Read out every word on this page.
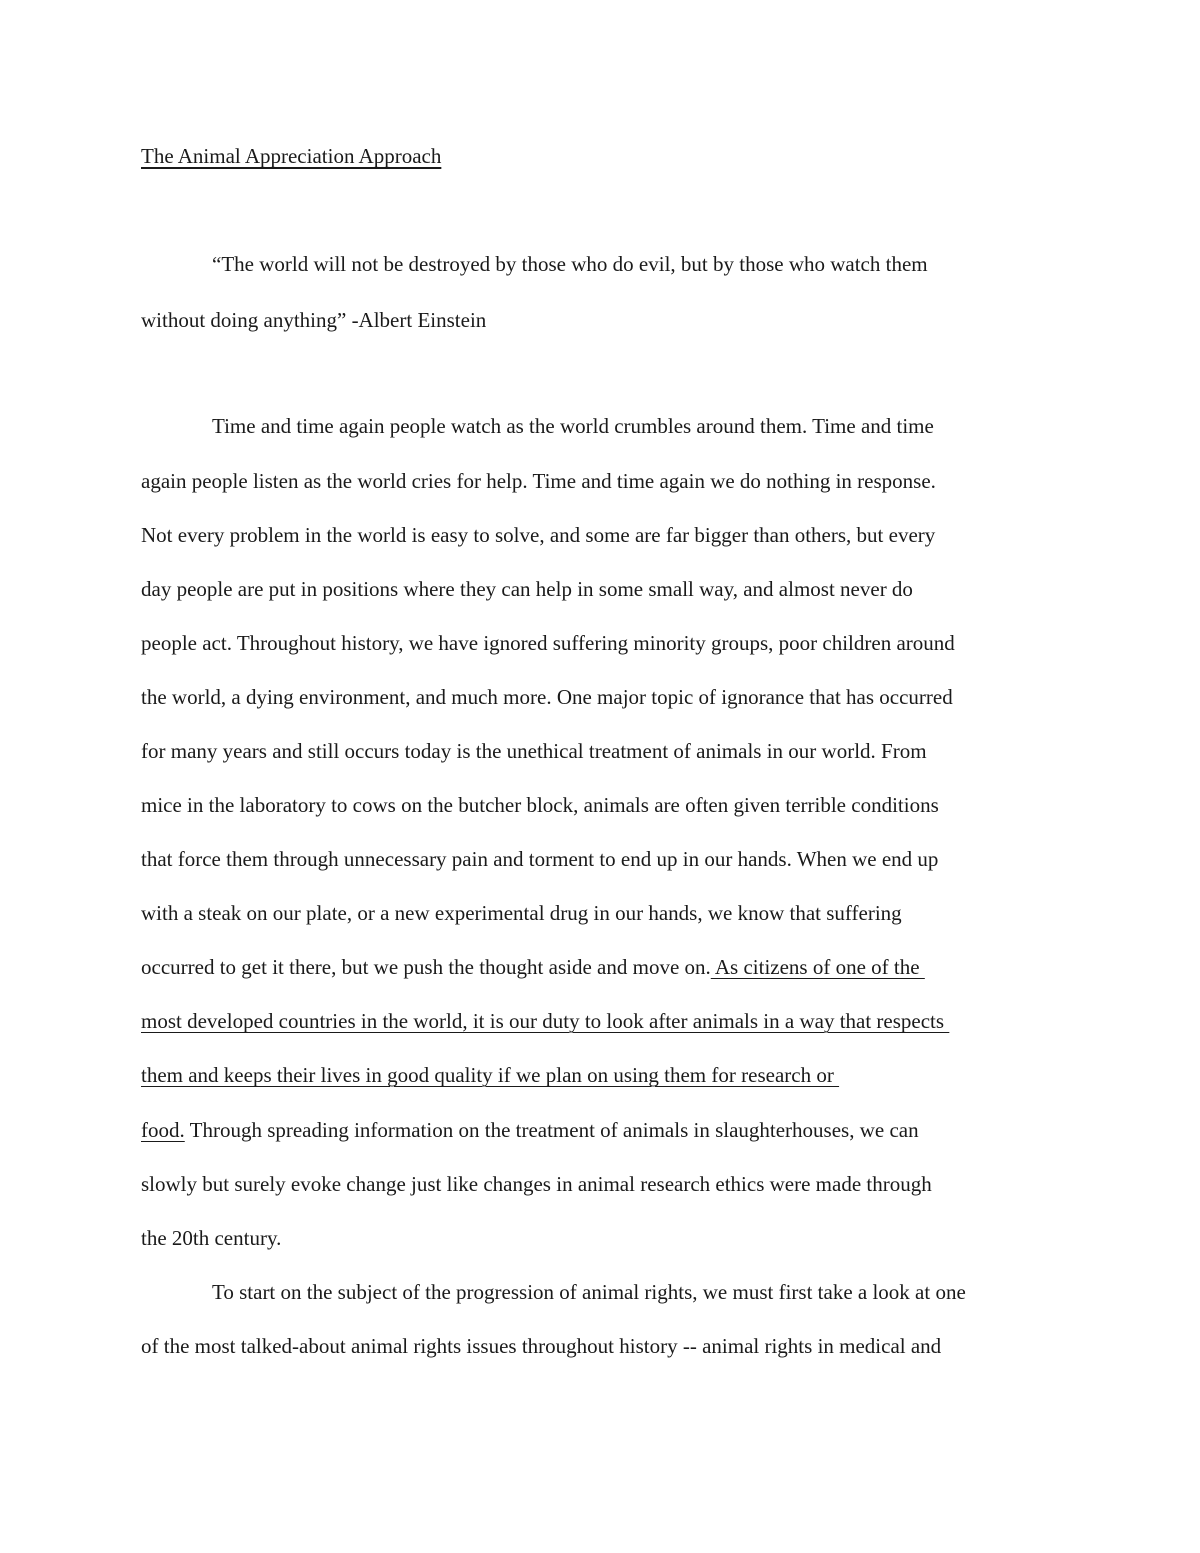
The Animal Appreciation Approach

“The world will not be destroyed by those who do evil, but by those who watch them

without doing anything” -Albert Einstein

Time and time again people watch as the world crumbles around them. Time and time

again people listen as the world cries for help. Time and time again we do nothing in response.

Not every problem in the world is easy to solve, and some are far bigger than others, but every

day people are put in positions where they can help in some small way, and almost never do

people act. Throughout history, we have ignored suffering minority groups, poor children around

the world, a dying environment, and much more. One major topic of ignorance that has occurred

for many years and still occurs today is the unethical treatment of animals in our world. From

mice in the laboratory to cows on the butcher block, animals are often given terrible conditions

that force them through unnecessary pain and torment to end up in our hands. When we end up

with a steak on our plate, or a new experimental drug in our hands, we know that suffering

occurred to get it there, but we push the thought aside and move on. As citizens of one of the

most developed countries in the world, it is our duty to look after animals in a way that respects

them and keeps their lives in good quality if we plan on using them for research or

food. Through spreading information on the treatment of animals in slaughterhouses, we can

slowly but surely evoke change just like changes in animal research ethics were made through

the 20th century.

To start on the subject of the progression of animal rights, we must first take a look at one

of the most talked-about animal rights issues throughout history -- animal rights in medical and
